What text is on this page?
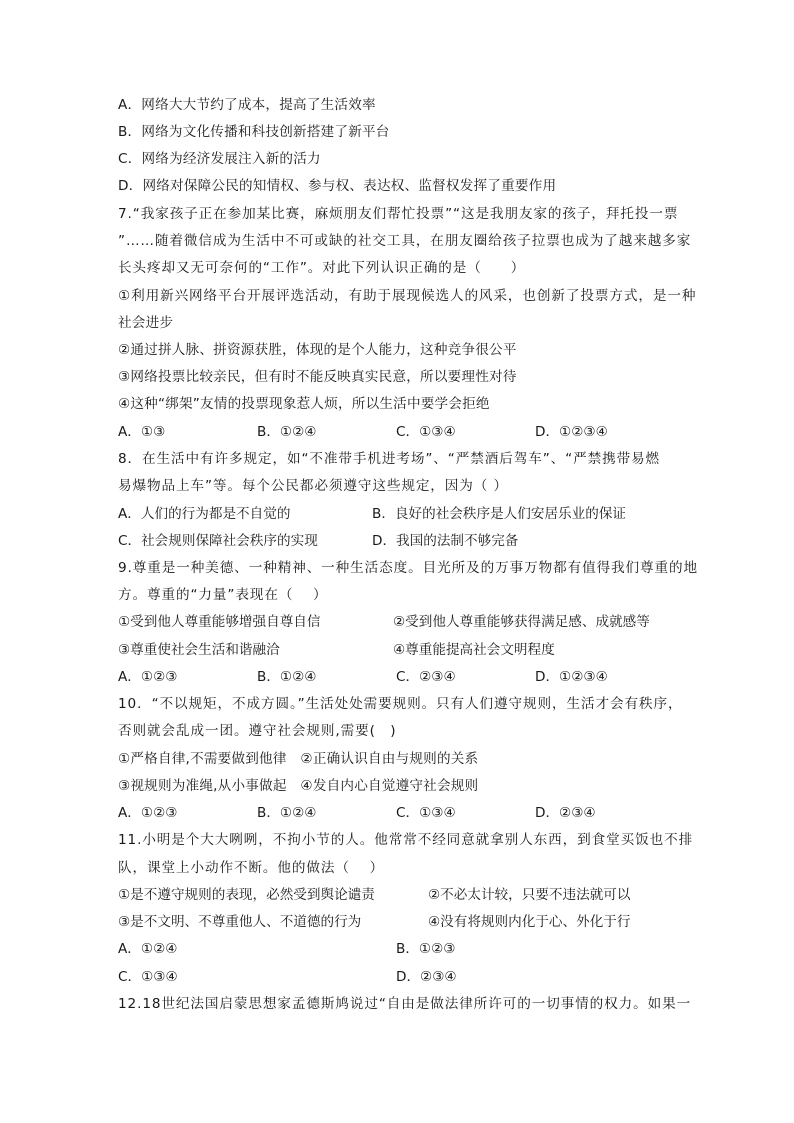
A．网络大大节约了成本，提高了生活效率
B．网络为文化传播和科技创新搭建了新平台
C．网络为经济发展注入新的活力
D．网络对保障公民的知情权、参与权、表达权、监督权发挥了重要作用
7.“我家孩子正在参加某比赛，麻烦朋友们帮忙投票”“这是我朋友家的孩子，拜托投一票
”……随着微信成为生活中不可或缺的社交工具，在朋友圈给孩子拉票也成为了越来越多家
长头疼却又无可奈何的“工作”。对此下列认识正确的是（　　）
①利用新兴网络平台开展评选活动，有助于展现候选人的风采，也创新了投票方式，是一种
社会进步
②通过拼人脉、拼资源获胜，体现的是个人能力，这种竞争很公平
③网络投票比较亲民，但有时不能反映真实民意，所以要理性对待
④这种“绑架”友情的投票现象惹人烦，所以生活中要学会拒绝
A．①③	B．①②④	C．①③④	D．①②③④
8．在生活中有许多规定，如“不准带手机进考场”、“严禁酒后驾车”、“严禁携带易燃
易爆物品上车”等。每个公民都必须遵守这些规定，因为（ ）
A．人们的行为都是不自觉的	B．良好的社会秩序是人们安居乐业的保证
C．社会规则保障社会秩序的实现	D．我国的法制不够完备
9.尊重是一种美德、一种精神、一种生活态度。目光所及的万事万物都有值得我们尊重的地
方。尊重的“力量”表现在（　 ）
①受到他人尊重能够增强自尊自信	②受到他人尊重能够获得满足感、成就感等
③尊重使社会生活和谐融洽	④尊重能提高社会文明程度
A．①②③	B．①②④	C．②③④	D．①②③④
10．“不以规矩，不成方圆。”生活处处需要规则。只有人们遵守规则，生活才会有秩序，
否则就会乱成一团。遵守社会规则,需要(　)
①严格自律,不需要做到他律　②正确认识自由与规则的关系
③视规则为准绳,从小事做起　④发自内心自觉遵守社会规则
A．①②③	B．①②④	C．①③④	D．②③④
11.小明是个大大咧咧，不拘小节的人。他常常不经同意就拿别人东西，到食堂买饭也不排
队，课堂上小动作不断。他的做法（　 ）
①是不遵守规则的表现，必然受到舆论谴责	②不必太计较，只要不违法就可以
③是不文明、不尊重他人、不道德的行为	④没有将规则内化于心、外化于行
A．①②④	B．①②③
C．①③④	D．②③④
12.18世纪法国启蒙思想家孟德斯鸠说过“自由是做法律所许可的一切事情的权力。如果一
